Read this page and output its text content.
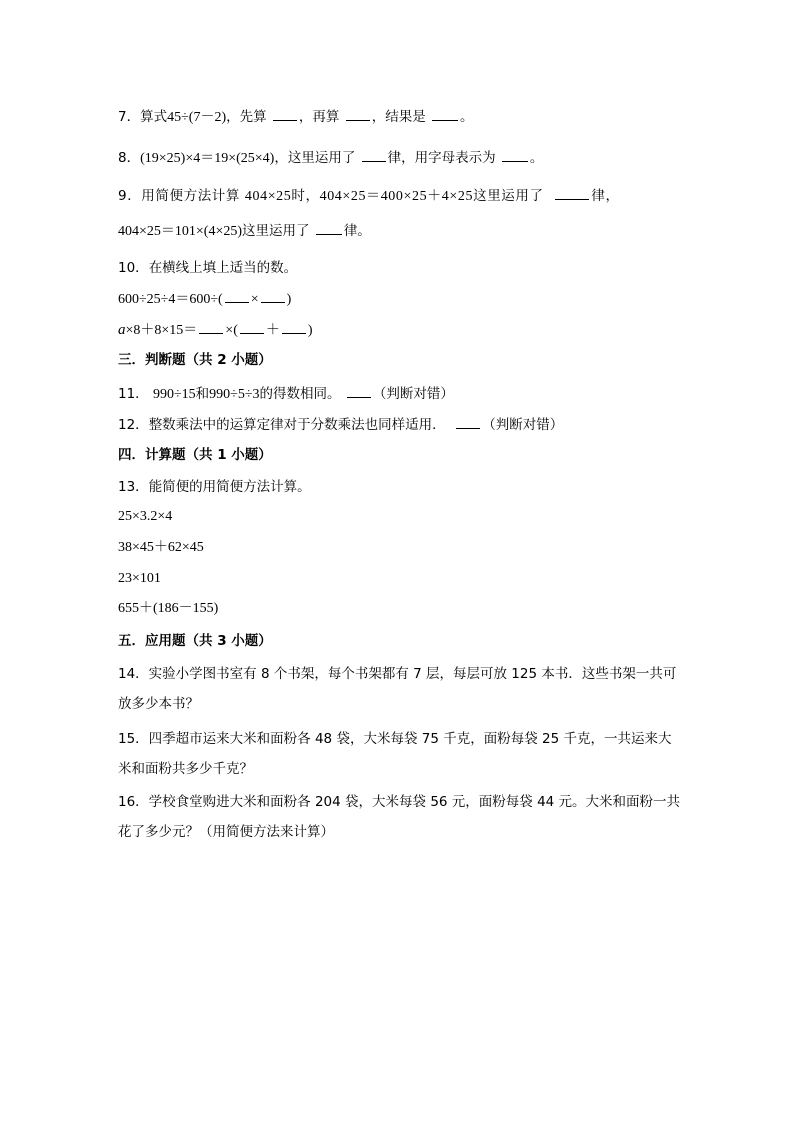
7．算式45÷(7－2)，先算 ，再算 ，结果是 。
8．(19×25)×4＝19×(25×4)，这里运用了 律，用字母表示为 。
9．用简便方法计算 404×25时，404×25＝400×25＋4×25这里运用了	律，
404×25＝101×(4×25)这里运用了 律。
10．在横线上填上适当的数。
600÷25÷4＝600÷( × )
a×8＋8×15＝ ×( ＋ )
三．判断题（共 2 小题）
11． 990÷15和990÷5÷3的得数相同。 （判断对错）
12．整数乘法中的运算定律对于分数乘法也同样适用．	（判断对错）
四．计算题（共 1 小题）
13．能简便的用简便方法计算。
25×3.2×4
38×45＋62×45
23×101
655＋(186－155)
五．应用题（共 3 小题）
14．实验小学图书室有 8 个书架，每个书架都有 7 层，每层可放 125 本书．这些书架一共可
放多少本书？
15．四季超市运来大米和面粉各 48 袋，大米每袋 75 千克，面粉每袋 25 千克，一共运来大
米和面粉共多少千克？
16．学校食堂购进大米和面粉各 204 袋，大米每袋 56 元，面粉每袋 44 元。大米和面粉一共
花了多少元？（用简便方法来计算）
